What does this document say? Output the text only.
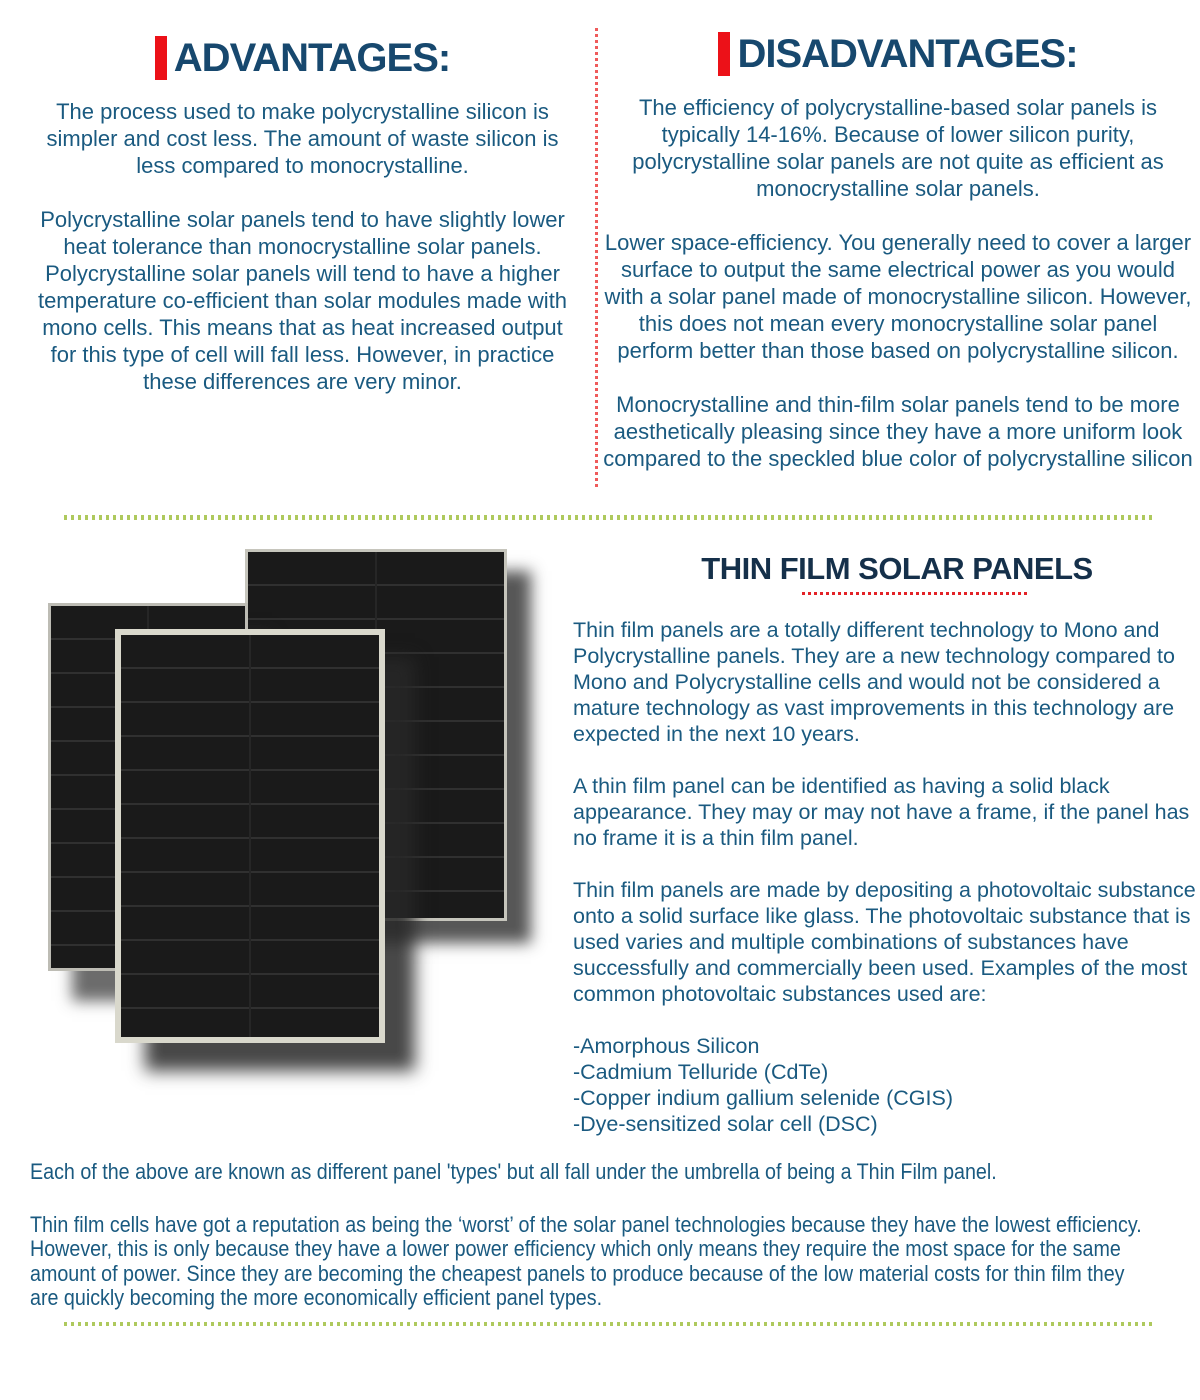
ADVANTAGES:

The process used to make polycrystalline silicon is simpler and cost less. The amount of waste silicon is less compared to monocrystalline.

Polycrystalline solar panels tend to have slightly lower heat tolerance than monocrystalline solar panels. Polycrystalline solar panels will tend to have a higher temperature co-efficient than solar modules made with mono cells. This means that as heat increased output for this type of cell will fall less. However, in practice these differences are very minor.

DISADVANTAGES:

The efficiency of polycrystalline-based solar panels is typically 14-16%. Because of lower silicon purity, polycrystalline solar panels are not quite as efficient as monocrystalline solar panels.

Lower space-efficiency. You generally need to cover a larger surface to output the same electrical power as you would with a solar panel made of monocrystalline silicon. However, this does not mean every monocrystalline solar panel perform better than those based on polycrystalline silicon.

Monocrystalline and thin-film solar panels tend to be more aesthetically pleasing since they have a more uniform look compared to the speckled blue color of polycrystalline silicon

THIN FILM SOLAR PANELS

Thin film panels are a totally different technology to Mono and Polycrystalline panels. They are a new technology compared to Mono and Polycrystalline cells and would not be considered a mature technology as vast improvements in this technology are expected in the next 10 years.

A thin film panel can be identified as having a solid black appearance. They may or may not have a frame, if the panel has no frame it is a thin film panel.

Thin film panels are made by depositing a photovoltaic substance onto a solid surface like glass. The photovoltaic substance that is used varies and multiple combinations of substances have successfully and commercially been used. Examples of the most common photovoltaic substances used are:

-Amorphous Silicon
-Cadmium Telluride (CdTe)
-Copper indium gallium selenide (CGIS)
-Dye-sensitized solar cell (DSC)

Each of the above are known as different panel 'types' but all fall under the umbrella of being a Thin Film panel.

Thin film cells have got a reputation as being the ‘worst’ of the solar panel technologies because they have the lowest efficiency. However, this is only because they have a lower power efficiency which only means they require the most space for the same amount of power. Since they are becoming the cheapest panels to produce because of the low material costs for thin film they are quickly becoming the more economically efficient panel types.
